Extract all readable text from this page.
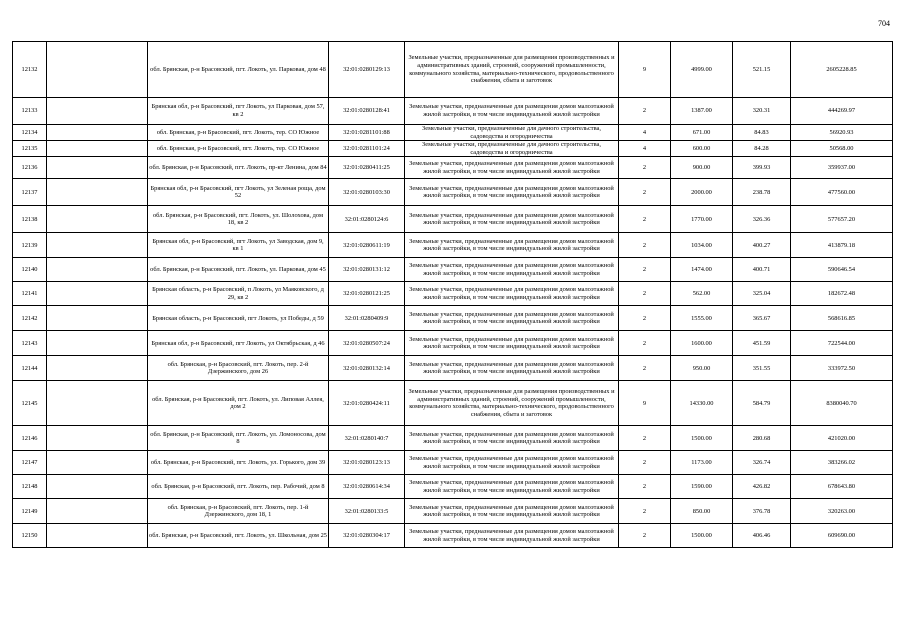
704
12132		обл. Брянская, р-н Брасовский, пгт. Локоть, ул. Парковая, дом 48	32:01:0280129:13	Земельные участки, предназначенные для размещения производственных и административных зданий, строений, сооружений промышленности, коммунального хозяйства, материально-технического, продовольственного снабжения, сбыта и заготовок	9	4999.00	521.15	2605228.85
12133		Брянская обл, р-н Брасовский, пгт Локоть, ул Парковая, дом 57, кв 2	32:01:0280128:41	Земельные участки, предназначенные для размещения домов малоэтажной жилой застройки, в том числе индивидуальной жилой застройки	2	1387.00	320.31	444269.97
12134		обл. Брянская, р-н Брасовский, пгт. Локоть, тер. СО Южное	32:01:0281101:88	Земельные участки, предназначенные для дачного строительства, садоводства и огородничества	4	671.00	84.83	56920.93
12135		обл. Брянская, р-н Брасовский, пгт. Локоть, тер. СО Южное	32:01:0281101:24	Земельные участки, предназначенные для дачного строительства, садоводства и огородничества	4	600.00	84.28	50568.00
12136		обл. Брянская, р-н Брасовский, пгт. Локоть, пр-кт Ленина, дом 84	32:01:0280411:25	Земельные участки, предназначенные для размещения домов малоэтажной жилой застройки, в том числе индивидуальной жилой застройки	2	900.00	399.93	359937.00
12137		Брянская обл, р-н Брасовский, пгт Локоть, ул Зеленая роща, дом 52	32:01:0280103:30	Земельные участки, предназначенные для размещения домов малоэтажной жилой застройки, в том числе индивидуальной жилой застройки	2	2000.00	238.78	477560.00
12138		обл. Брянская, р-н Брасовский, пгт. Локоть, ул. Шолохова, дом 18, кв 2	32:01:0280124:6	Земельные участки, предназначенные для размещения домов малоэтажной жилой застройки, в том числе индивидуальной жилой застройки	2	1770.00	326.36	577657.20
12139		Брянская обл, р-н Брасовский, пгт Локоть, ул Заводская, дом 9, кв 1	32:01:0280611:19	Земельные участки, предназначенные для размещения домов малоэтажной жилой застройки, в том числе индивидуальной жилой застройки	2	1034.00	400.27	413879.18
12140		обл. Брянская, р-н Брасовский, пгт. Локоть, ул. Парковая, дом 45	32:01:0280131:12	Земельные участки, предназначенные для размещения домов малоэтажной жилой застройки, в том числе индивидуальной жилой застройки	2	1474.00	400.71	590646.54
12141		Брянская область, р-н Брасовский, п Локоть, ул Маяковского, д 29, кв 2	32:01:0280121:25	Земельные участки, предназначенные для размещения домов малоэтажной жилой застройки, в том числе индивидуальной жилой застройки	2	562.00	325.04	182672.48
12142		Брянская область, р-н Брасовский, пгт Локоть, ул Победы, д 59	32:01:0280409:9	Земельные участки, предназначенные для размещения домов малоэтажной жилой застройки, в том числе индивидуальной жилой застройки	2	1555.00	365.67	568616.85
12143		Брянская обл, р-н Брасовский, пгт Локоть, ул Октябрьская, д 46	32:01:0280507:24	Земельные участки, предназначенные для размещения домов малоэтажной жилой застройки, в том числе индивидуальной жилой застройки	2	1600.00	451.59	722544.00
12144		обл. Брянская, р-н Брасовский, пгт. Локоть, пер. 2-й Дзержинского, дом 26	32:01:0280132:14	Земельные участки, предназначенные для размещения домов малоэтажной жилой застройки, в том числе индивидуальной жилой застройки	2	950.00	351.55	333972.50
12145		обл. Брянская, р-н Брасовский, пгт. Локоть, ул. Липовая Аллея, дом 2	32:01:0280424:11	Земельные участки, предназначенные для размещения производственных и административных зданий, строений, сооружений промышленности, коммунального хозяйства, материально-технического, продовольственного снабжения, сбыта и заготовок	9	14330.00	584.79	8380040.70
12146		обл. Брянская, р-н Брасовский, пгт. Локоть, ул. Ломоносова, дом 8	32:01:0280140:7	Земельные участки, предназначенные для размещения домов малоэтажной жилой застройки, в том числе индивидуальной жилой застройки	2	1500.00	280.68	421020.00
12147		обл. Брянская, р-н Брасовский, пгт. Локоть, ул. Горького, дом 39	32:01:0280123:13	Земельные участки, предназначенные для размещения домов малоэтажной жилой застройки, в том числе индивидуальной жилой застройки	2	1173.00	326.74	383266.02
12148		обл. Брянская, р-н Брасовский, пгт. Локоть, пер. Рабочий, дом 8	32:01:0280614:34	Земельные участки, предназначенные для размещения домов малоэтажной жилой застройки, в том числе индивидуальной жилой застройки	2	1590.00	426.82	678643.80
12149		обл. Брянская, р-н Брасовский, пгт. Локоть, пер. 1-й Дзержинского, дом 18, 1	32:01:0280133:5	Земельные участки, предназначенные для размещения домов малоэтажной жилой застройки, в том числе индивидуальной жилой застройки	2	850.00	376.78	320263.00
12150		обл. Брянская, р-н Брасовский, пгт. Локоть, ул. Школьная, дом 25	32:01:0280304:17	Земельные участки, предназначенные для размещения домов малоэтажной жилой застройки, в том числе индивидуальной жилой застройки	2	1500.00	406.46	609690.00
